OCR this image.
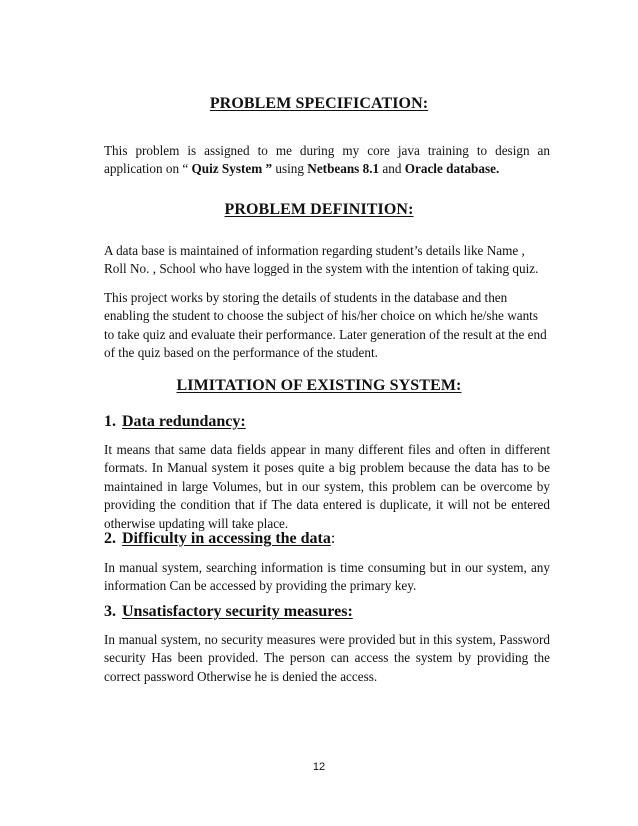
PROBLEM SPECIFICATION:
This problem is assigned to me during my core java training to design an application on “ Quiz System ” using Netbeans 8.1 and Oracle database.
PROBLEM DEFINITION:
A data base is maintained of information regarding student’s details like Name , Roll No. , School who have logged in the system with the intention of taking quiz.
This project works by storing the details of students in the database and then enabling the student to choose the subject of his/her choice on which he/she wants to take quiz and evaluate their performance. Later generation of the result at the end of the quiz based on the performance of the student.
LIMITATION OF EXISTING SYSTEM:
1. Data redundancy:
It means that same data fields appear in many different files and often in different formats. In Manual system it poses quite a big problem because the data has to be maintained in large Volumes, but in our system, this problem can be overcome by providing the condition that if The data entered is duplicate, it will not be entered otherwise updating will take place.
2. Difficulty in accessing the data:
In manual system, searching information is time consuming but in our system, any information Can be accessed by providing the primary key.
3. Unsatisfactory security measures:
In manual system, no security measures were provided but in this system, Password security Has been provided. The person can access the system by providing the correct password Otherwise he is denied the access.
12
